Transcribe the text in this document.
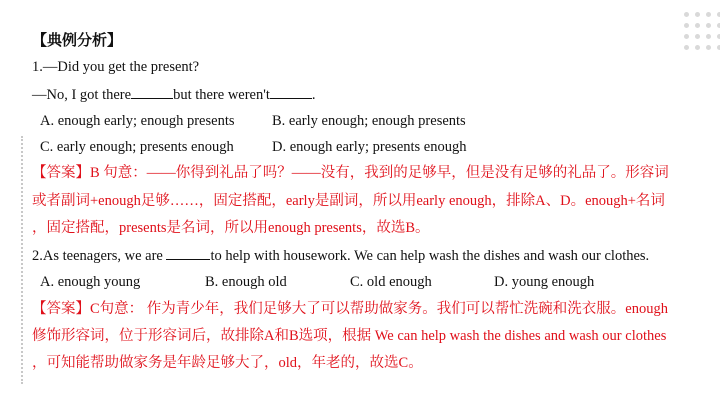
【典例分析】
1.—Did you get the present?
—No, I got there	but there weren't	.
A. enough early; enough presents	B. early enough; enough presents
C. early enough; presents enough	D. enough early; presents enough
【答案】B 句意：——你得到礼品了吗？——没有，我到的足够早，但是没有足够的礼品了。形容词
或者副词+enough足够……，固定搭配，early是副词，所以用early enough，排除A、D。enough+名词
，固定搭配，presents是名词，所以用enough presents，故选B。
2.As teenagers, we are	to help with housework. We can help wash the dishes and wash our clothes.
A. enough young	B. enough old	C. old enough	D. young enough
【答案】C句意： 作为青少年，我们足够大了可以帮助做家务。我们可以帮忙洗碗和洗衣服。enough
修饰形容词，位于形容词后，故排除A和B选项，根据 We can help wash the dishes and wash our clothes
，可知能帮助做家务是年龄足够大了，old，年老的，故选C。
